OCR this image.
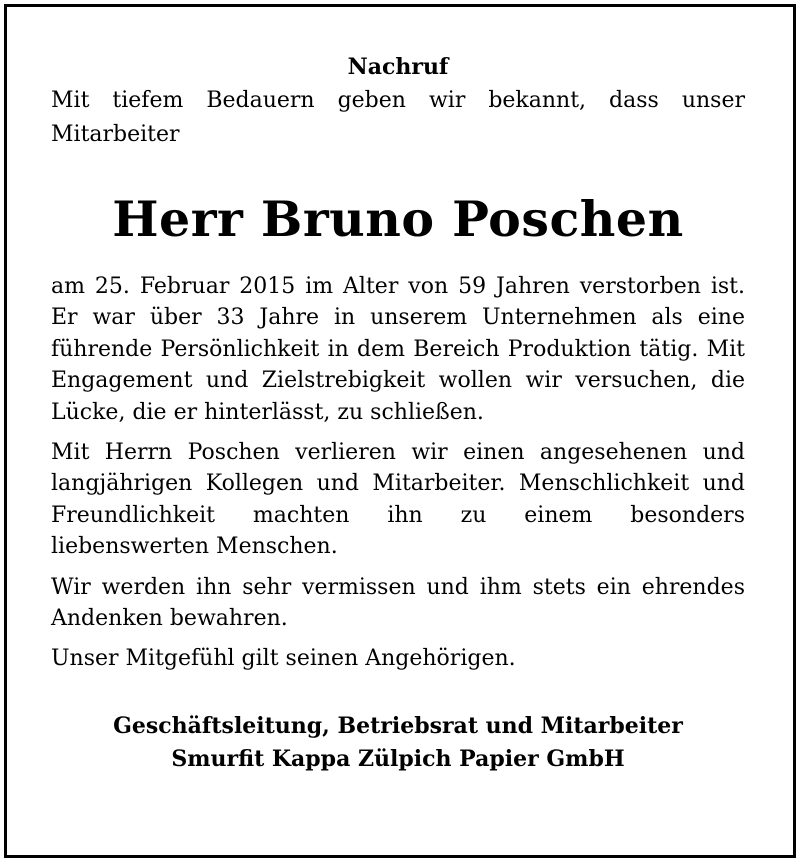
Nachruf
Mit tiefem Bedauern geben wir bekannt, dass unser Mitarbeiter
Herr Bruno Poschen

am 25. Februar 2015 im Alter von 59 Jahren verstorben ist. Er war über 33 Jahre in unserem Unternehmen als eine führende Persönlichkeit in dem Bereich Produktion tätig. Mit Engagement und Zielstrebigkeit wollen wir versuchen, die Lücke, die er hinterlässt, zu schließen.

Mit Herrn Poschen verlieren wir einen angesehenen und langjährigen Kollegen und Mitarbeiter. Menschlichkeit und Freundlichkeit machten ihn zu einem besonders liebenswerten Menschen.

Wir werden ihn sehr vermissen und ihm stets ein ehrendes Andenken bewahren.

Unser Mitgefühl gilt seinen Angehörigen.

Geschäftsleitung, Betriebsrat und Mitarbeiter
Smurfit Kappa Zülpich Papier GmbH
